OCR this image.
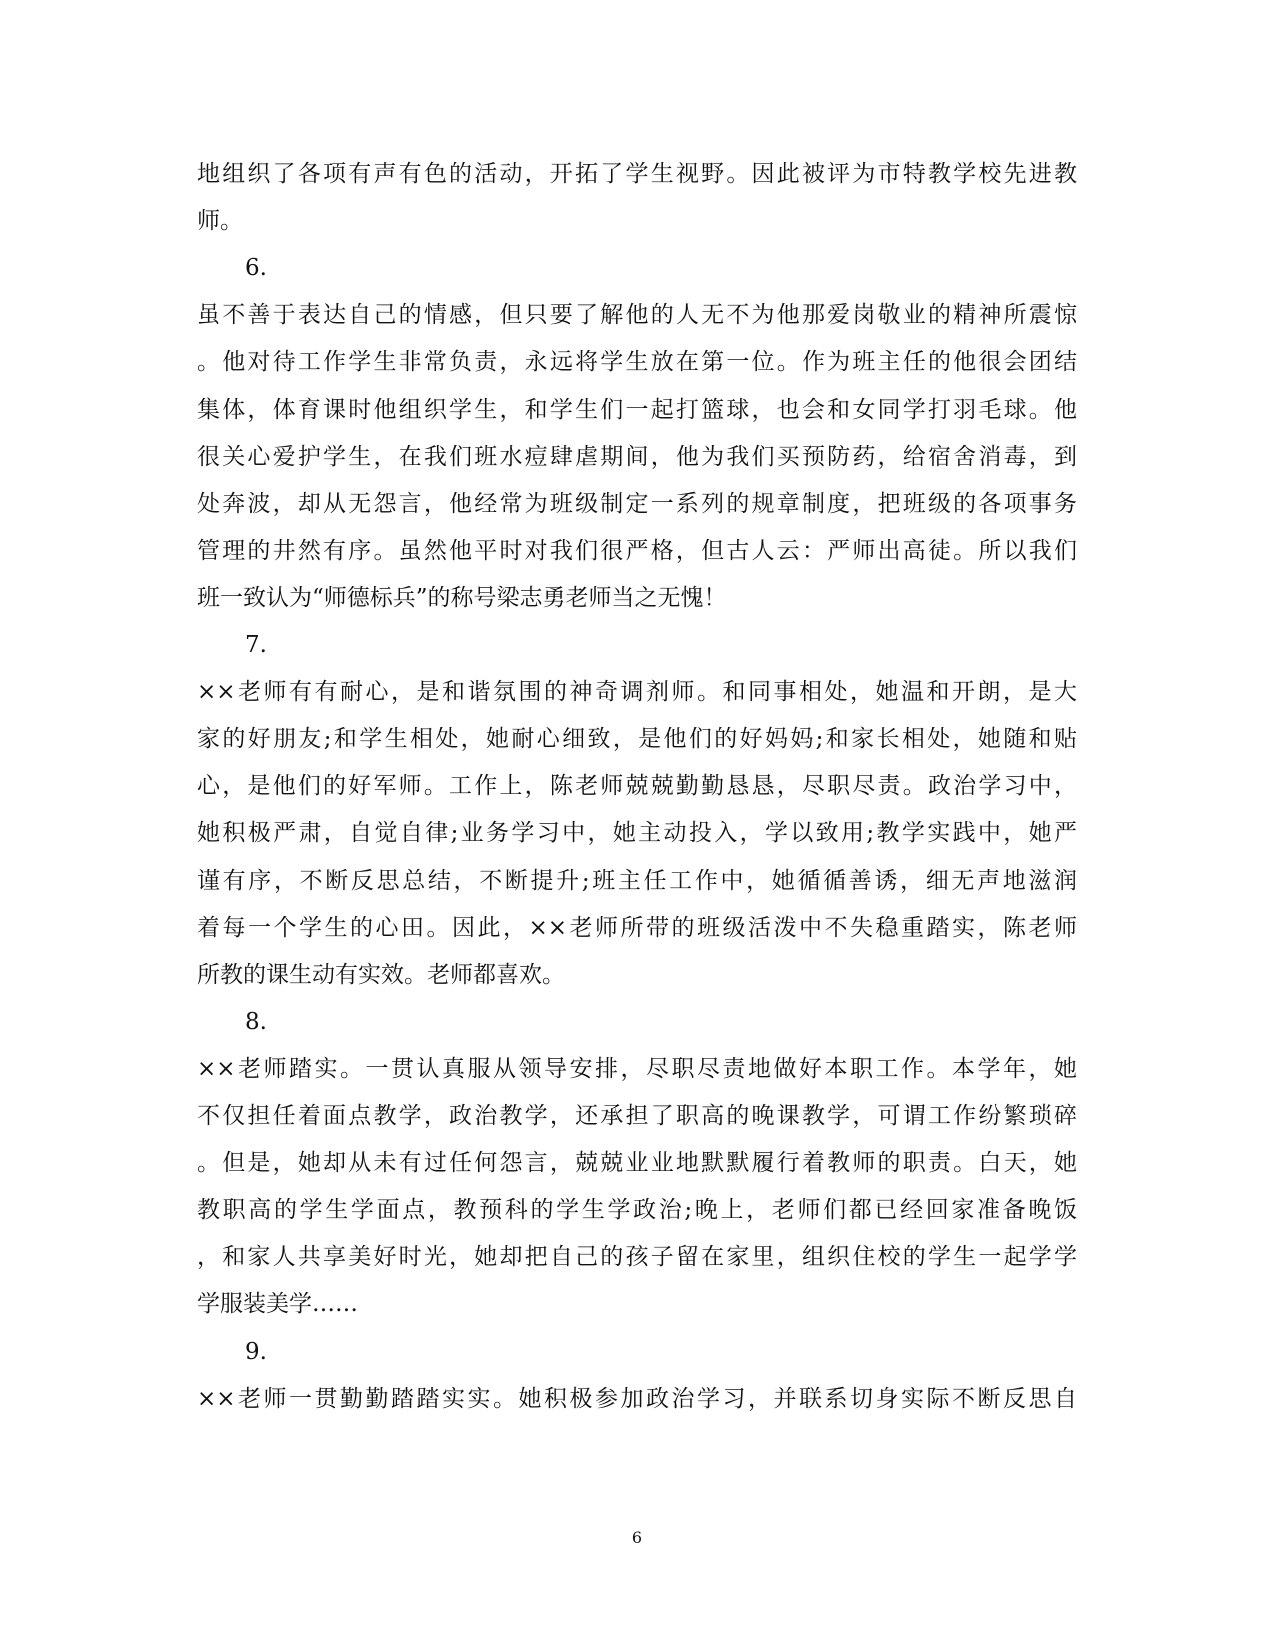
地组织了各项有声有色的活动，开拓了学生视野。因此被评为市特教学校先进教
师。
6.
虽不善于表达自己的情感，但只要了解他的人无不为他那爱岗敬业的精神所震惊
。他对待工作学生非常负责，永远将学生放在第一位。作为班主任的他很会团结
集体，体育课时他组织学生，和学生们一起打篮球，也会和女同学打羽毛球。他
很关心爱护学生，在我们班水痘肆虐期间，他为我们买预防药，给宿舍消毒，到
处奔波，却从无怨言，他经常为班级制定一系列的规章制度，把班级的各项事务
管理的井然有序。虽然他平时对我们很严格，但古人云：严师出高徒。所以我们
班一致认为“师德标兵”的称号梁志勇老师当之无愧！
7.
××老师有有耐心，是和谐氛围的神奇调剂师。和同事相处，她温和开朗，是大
家的好朋友;和学生相处，她耐心细致，是他们的好妈妈;和家长相处，她随和贴
心，是他们的好军师。工作上，陈老师兢兢勤勤恳恳，尽职尽责。政治学习中，
她积极严肃，自觉自律;业务学习中，她主动投入，学以致用;教学实践中，她严
谨有序，不断反思总结，不断提升;班主任工作中，她循循善诱，细无声地滋润
着每一个学生的心田。因此，××老师所带的班级活泼中不失稳重踏实，陈老师
所教的课生动有实效。老师都喜欢。
8.
××老师踏实。一贯认真服从领导安排，尽职尽责地做好本职工作。本学年，她
不仅担任着面点教学，政治教学，还承担了职高的晚课教学，可谓工作纷繁琐碎
。但是，她却从未有过任何怨言，兢兢业业地默默履行着教师的职责。白天，她
教职高的学生学面点，教预科的学生学政治;晚上，老师们都已经回家准备晚饭
，和家人共享美好时光，她却把自己的孩子留在家里，组织住校的学生一起学学
学服装美学……
9.
××老师一贯勤勤踏踏实实。她积极参加政治学习，并联系切身实际不断反思自
6
